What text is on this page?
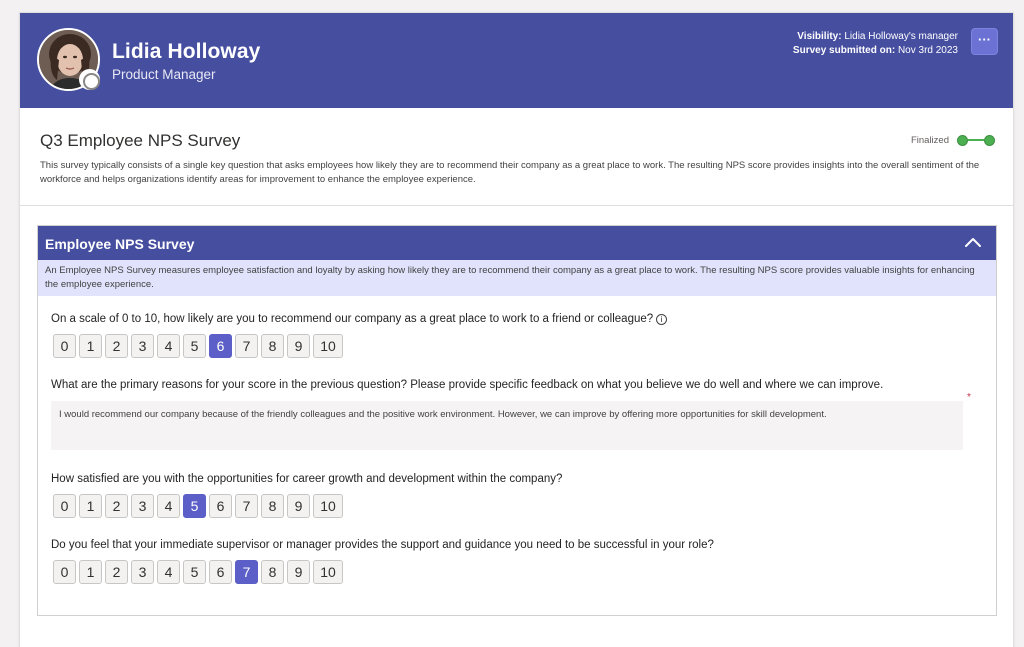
Lidia Holloway
Product Manager
Visibility: Lidia Holloway's manager
Survey submitted on: Nov 3rd 2023
···
Q3 Employee NPS Survey	Finalized
This survey typically consists of a single key question that asks employees how likely they are to recommend their company as a great place to work. The resulting NPS score provides insights into the overall sentiment of the workforce and helps organizations identify areas for improvement to enhance the employee experience.
Employee NPS Survey
An Employee NPS Survey measures employee satisfaction and loyalty by asking how likely they are to recommend their company as a great place to work. The resulting NPS score provides valuable insights for enhancing the employee experience.
On a scale of 0 to 10, how likely are you to recommend our company as a great place to work to a friend or colleague? i
0	1	2	3	4	5	6	7	8	9	10
What are the primary reasons for your score in the previous question? Please provide specific feedback on what you believe we do well and where we can improve.
I would recommend our company because of the friendly colleagues and the positive work environment. However, we can improve by offering more opportunities for skill development.
*
How satisfied are you with the opportunities for career growth and development within the company?
0	1	2	3	4	5	6	7	8	9	10
Do you feel that your immediate supervisor or manager provides the support and guidance you need to be successful in your role?
0	1	2	3	4	5	6	7	8	9	10
